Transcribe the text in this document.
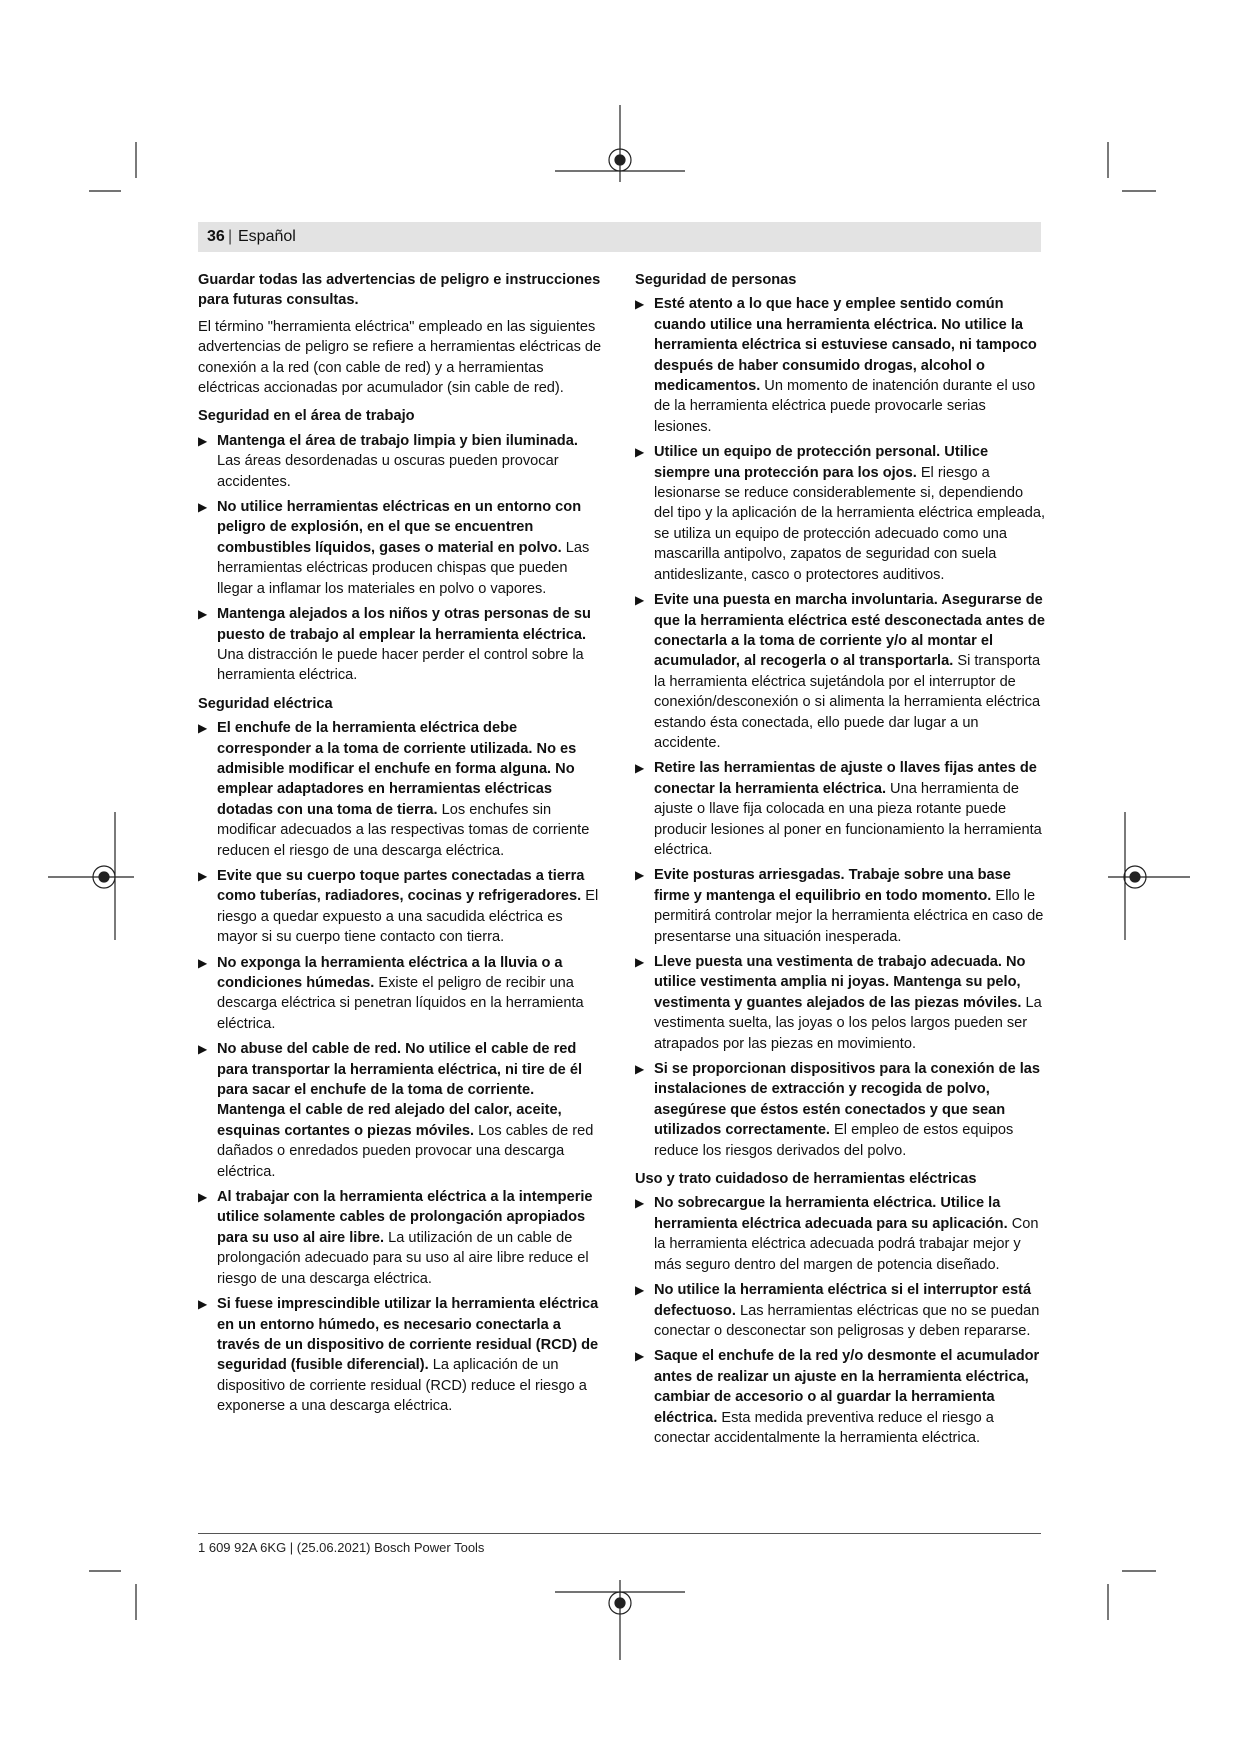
36 | Español

Guardar todas las advertencias de peligro e instrucciones para futuras consultas.

El término "herramienta eléctrica" empleado en las siguientes advertencias de peligro se refiere a herramientas eléctricas de conexión a la red (con cable de red) y a herramientas eléctricas accionadas por acumulador (sin cable de red).

Seguridad en el área de trabajo

▶ Mantenga el área de trabajo limpia y bien iluminada. Las áreas desordenadas u oscuras pueden provocar accidentes.
▶ No utilice herramientas eléctricas en un entorno con peligro de explosión, en el que se encuentren combustibles líquidos, gases o material en polvo. Las herramientas eléctricas producen chispas que pueden llegar a inflamar los materiales en polvo o vapores.
▶ Mantenga alejados a los niños y otras personas de su puesto de trabajo al emplear la herramienta eléctrica. Una distracción le puede hacer perder el control sobre la herramienta eléctrica.

Seguridad eléctrica

▶ El enchufe de la herramienta eléctrica debe corresponder a la toma de corriente utilizada. No es admisible modificar el enchufe en forma alguna. No emplear adaptadores en herramientas eléctricas dotadas con una toma de tierra. Los enchufes sin modificar adecuados a las respectivas tomas de corriente reducen el riesgo de una descarga eléctrica.
▶ Evite que su cuerpo toque partes conectadas a tierra como tuberías, radiadores, cocinas y refrigeradores. El riesgo a quedar expuesto a una sacudida eléctrica es mayor si su cuerpo tiene contacto con tierra.
▶ No exponga la herramienta eléctrica a la lluvia o a condiciones húmedas. Existe el peligro de recibir una descarga eléctrica si penetran líquidos en la herramienta eléctrica.
▶ No abuse del cable de red. No utilice el cable de red para transportar la herramienta eléctrica, ni tire de él para sacar el enchufe de la toma de corriente. Mantenga el cable de red alejado del calor, aceite, esquinas cortantes o piezas móviles. Los cables de red dañados o enredados pueden provocar una descarga eléctrica.
▶ Al trabajar con la herramienta eléctrica a la intemperie utilice solamente cables de prolongación apropiados para su uso al aire libre. La utilización de un cable de prolongación adecuado para su uso al aire libre reduce el riesgo de una descarga eléctrica.
▶ Si fuese imprescindible utilizar la herramienta eléctrica en un entorno húmedo, es necesario conectarla a través de un dispositivo de corriente residual (RCD) de seguridad (fusible diferencial). La aplicación de un dispositivo de corriente residual (RCD) reduce el riesgo a exponerse a una descarga eléctrica.

Seguridad de personas

▶ Esté atento a lo que hace y emplee sentido común cuando utilice una herramienta eléctrica. No utilice la herramienta eléctrica si estuviese cansado, ni tampoco después de haber consumido drogas, alcohol o medicamentos. Un momento de inatención durante el uso de la herramienta eléctrica puede provocarle serias lesiones.
▶ Utilice un equipo de protección personal. Utilice siempre una protección para los ojos. El riesgo a lesionarse se reduce considerablemente si, dependiendo del tipo y la aplicación de la herramienta eléctrica empleada, se utiliza un equipo de protección adecuado como una mascarilla antipolvo, zapatos de seguridad con suela antideslizante, casco o protectores auditivos.
▶ Evite una puesta en marcha involuntaria. Asegurarse de que la herramienta eléctrica esté desconectada antes de conectarla a la toma de corriente y/o al montar el acumulador, al recogerla o al transportarla. Si transporta la herramienta eléctrica sujetándola por el interruptor de conexión/desconexión o si alimenta la herramienta eléctrica estando ésta conectada, ello puede dar lugar a un accidente.
▶ Retire las herramientas de ajuste o llaves fijas antes de conectar la herramienta eléctrica. Una herramienta de ajuste o llave fija colocada en una pieza rotante puede producir lesiones al poner en funcionamiento la herramienta eléctrica.
▶ Evite posturas arriesgadas. Trabaje sobre una base firme y mantenga el equilibrio en todo momento. Ello le permitirá controlar mejor la herramienta eléctrica en caso de presentarse una situación inesperada.
▶ Lleve puesta una vestimenta de trabajo adecuada. No utilice vestimenta amplia ni joyas. Mantenga su pelo, vestimenta y guantes alejados de las piezas móviles. La vestimenta suelta, las joyas o los pelos largos pueden ser atrapados por las piezas en movimiento.
▶ Si se proporcionan dispositivos para la conexión de las instalaciones de extracción y recogida de polvo, asegúrese que éstos estén conectados y que sean utilizados correctamente. El empleo de estos equipos reduce los riesgos derivados del polvo.

Uso y trato cuidadoso de herramientas eléctricas

▶ No sobrecargue la herramienta eléctrica. Utilice la herramienta eléctrica adecuada para su aplicación. Con la herramienta eléctrica adecuada podrá trabajar mejor y más seguro dentro del margen de potencia diseñado.
▶ No utilice la herramienta eléctrica si el interruptor está defectuoso. Las herramientas eléctricas que no se puedan conectar o desconectar son peligrosas y deben repararse.
▶ Saque el enchufe de la red y/o desmonte el acumulador antes de realizar un ajuste en la herramienta eléctrica, cambiar de accesorio o al guardar la herramienta eléctrica. Esta medida preventiva reduce el riesgo a conectar accidentalmente la herramienta eléctrica.
1 609 92A 6KG | (25.06.2021) Bosch Power Tools
